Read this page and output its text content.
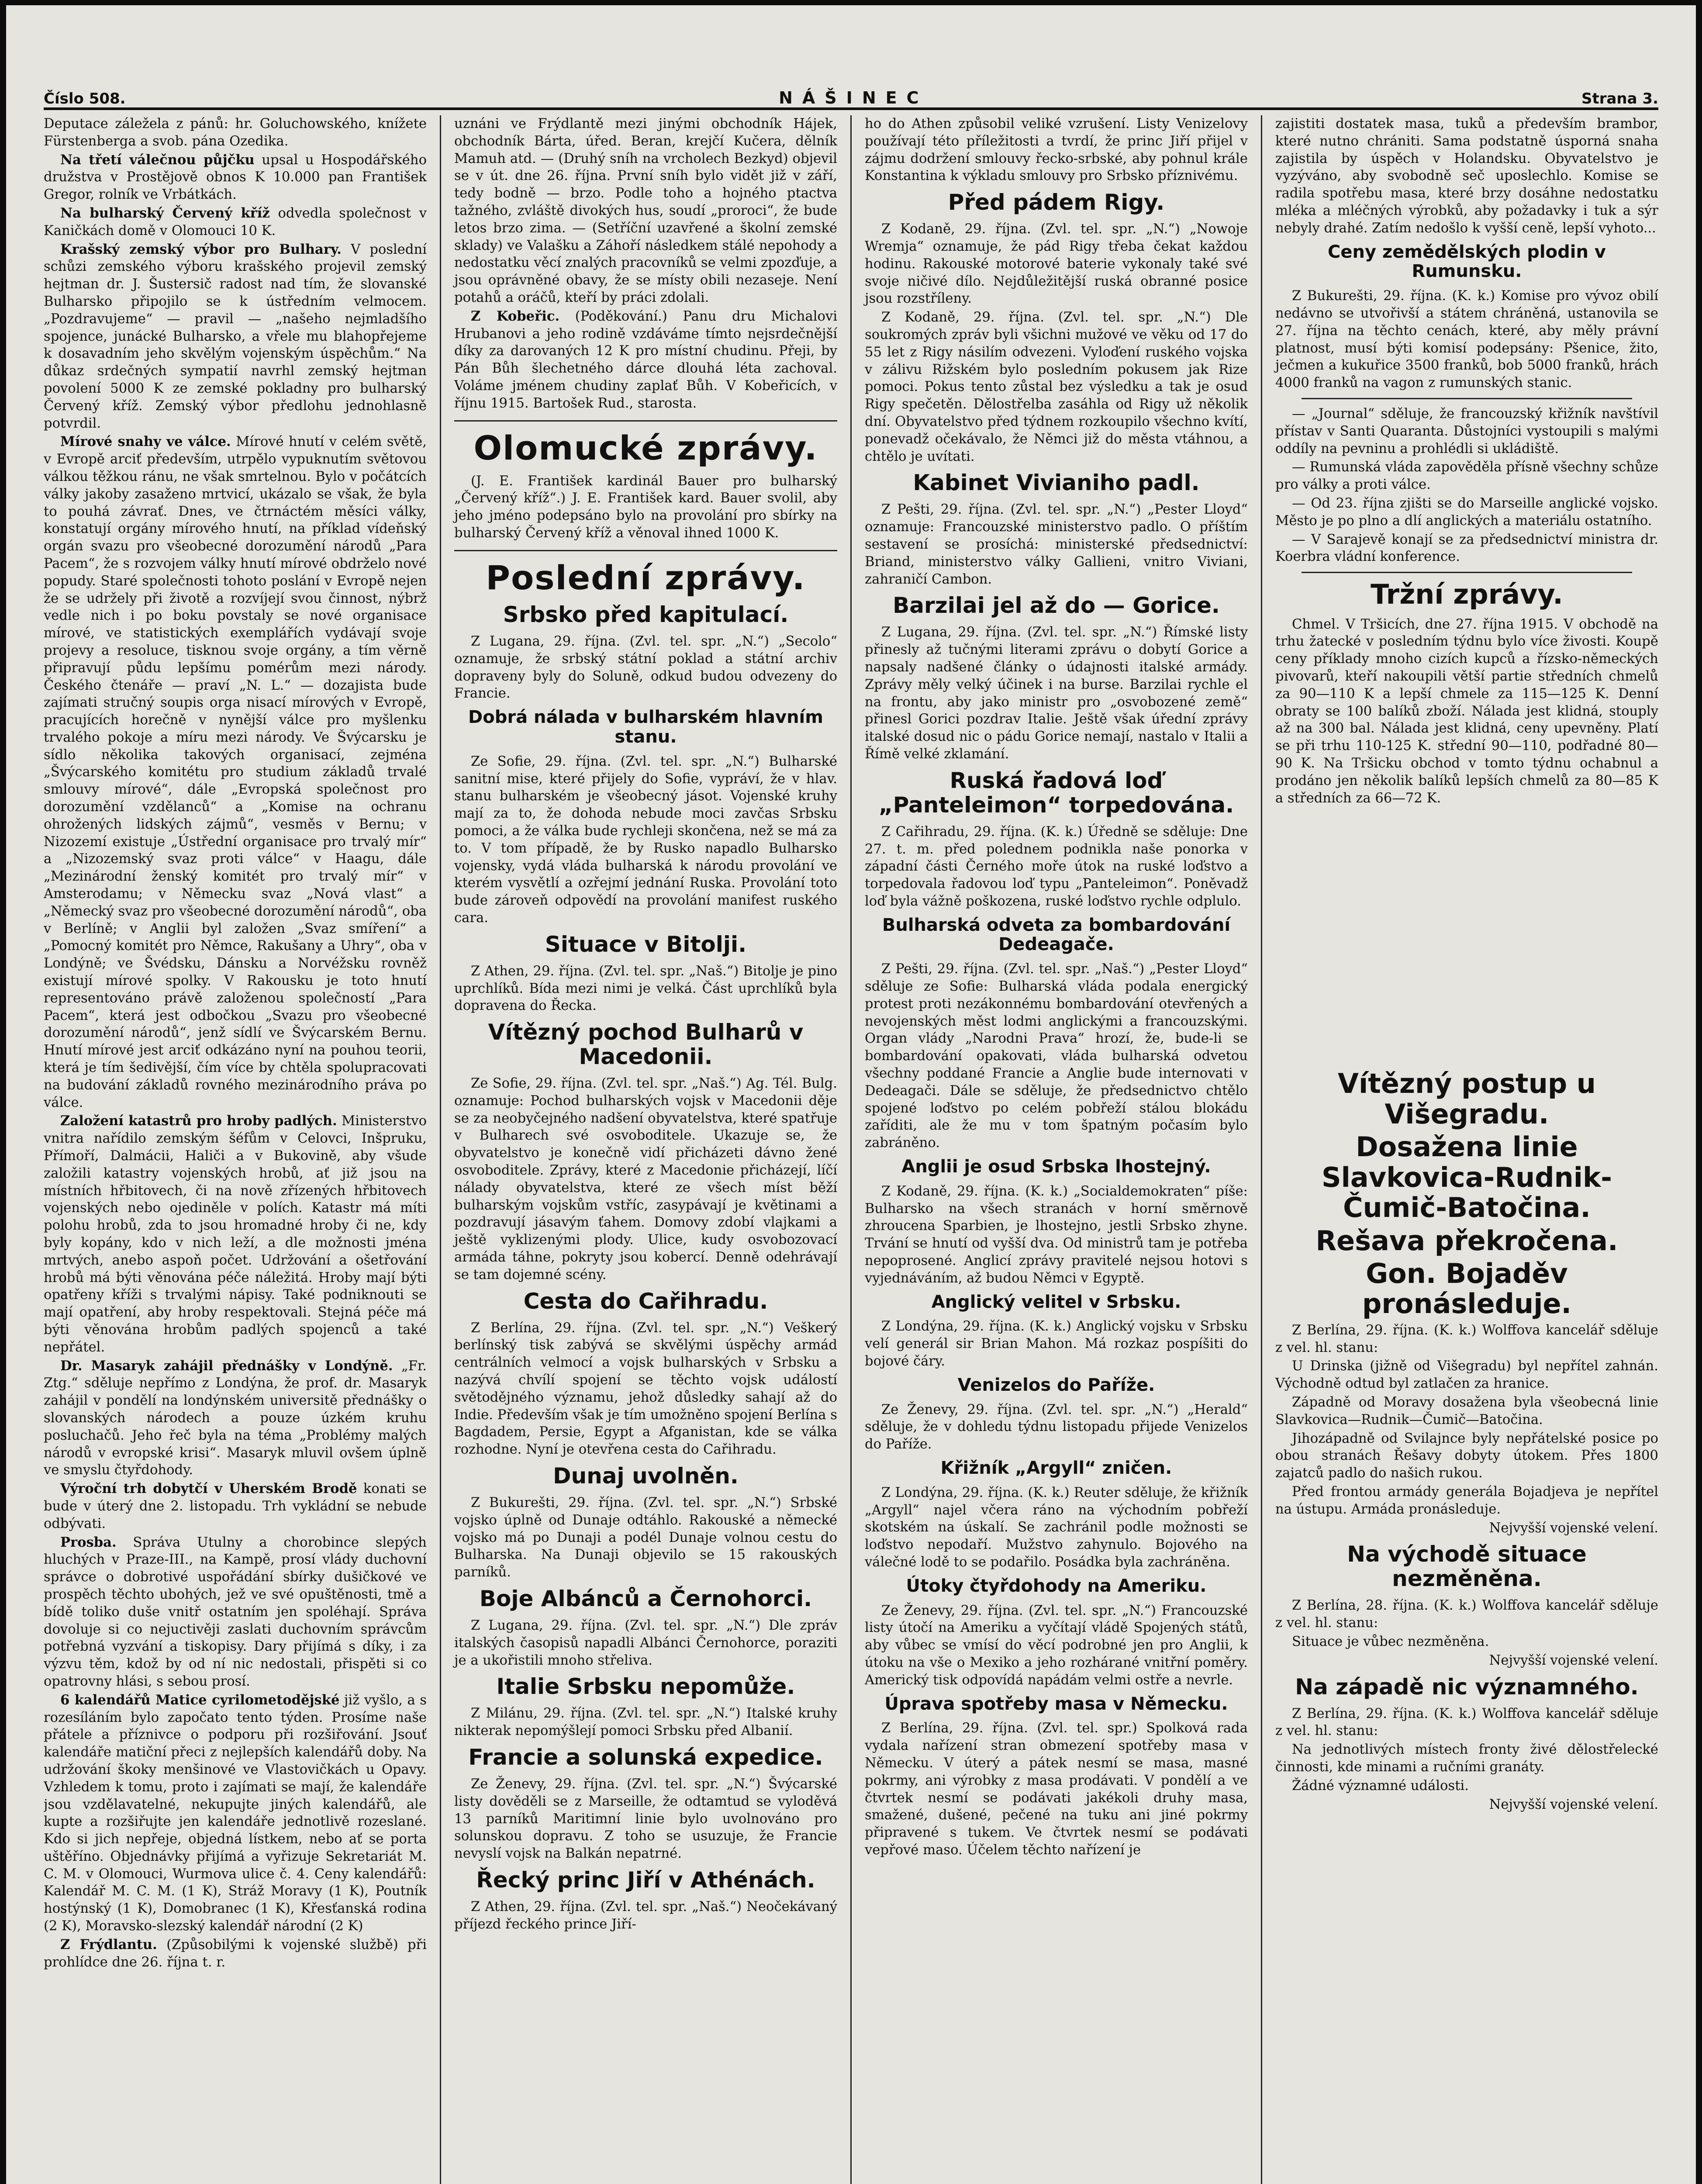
Číslo 508.	NÁŠINEC	Strana 3.

Deputace záležela z pánů: hr. Goluchowského, knížete Fürstenberga a svob. pána Ozedika.

Na třetí válečnou půjčku upsal u Hospodářského družstva v Prostějově obnos K 10.000 pan František Gregor, rolník ve Vrbátkách.

Na bulharský Červený kříž odvedla společnost v Kaničkách domě v Olomouci 10 K.

Krašský zemský výbor pro Bulhary. V poslední schůzi zemského výboru krašského projevil zemský hejtman dr. J. Šustersič radost nad tím, že slovanské Bulharsko připojilo se k ústředním velmocem. „Pozdravujeme“ — pravil — „našeho nejmladšího spojence, junácké Bulharsko, a vřele mu blahopřejeme k dosavadním jeho skvělým vojenským úspěchům.“ Na důkaz srdečných sympatií navrhl zemský hejtman povolení 5000 K ze zemské pokladny pro bulharský Červený kříž. Zemský výbor předlohu jednohlasně potvrdil.

Mírové snahy ve válce. Mírové hnutí v celém světě, v Evropě arciť především, utrpělo vypuknutím světovou válkou těžkou ránu, ne však smrtelnou. Bylo v počátcích války jakoby zasaženo mrtvicí, ukázalo se však, že byla to pouhá závrať. Dnes, ve čtrnáctém měsíci války, konstatují orgány mírového hnutí, na příklad vídeňský orgán svazu pro všeobecné dorozumění národů „Para Pacem“, že s rozvojem války hnutí mírové obdrželo nové popudy. Staré společnosti tohoto poslání v Evropě nejen že se udržely při životě a rozvíjejí svou činnost, nýbrž vedle nich i po boku povstaly se nové organisace mírové, ve statistických exemplářích vydávají svoje projevy a resoluce, tisknou svoje orgány, a tím věrně připravují půdu lepšímu pomérům mezi národy. Českého čtenáře — praví „N. L.“ — dozajista bude zajímati stručný soupis orga nisací mírových v Evropě, pracujících horečně v nynější válce pro myšlenku trvalého pokoje a míru mezi národy. Ve Švýcarsku je sídlo několika takových organisací, zejména „Švýcarského komitétu pro studium základů trvalé smlouvy mírové“, dále „Evropská společnost pro dorozumění vzdělanců“ a „Komise na ochranu ohrožených lidských zájmů“, vesměs v Bernu; v Nizozemí existuje „Ústřední organisace pro trvalý mír“ a „Nizozemský svaz proti válce“ v Haagu, dále „Mezinárodní ženský komitét pro trvalý mír“ v Amsterodamu; v Německu svaz „Nová vlast“ a „Německý svaz pro všeobecné dorozumění národů“, oba v Berlíně; v Anglii byl založen „Svaz smíření“ a „Pomocný komitét pro Němce, Rakušany a Uhry“, oba v Londýně; ve Švédsku, Dánsku a Norvéžsku rovněž existují mírové spolky. V Rakousku je toto hnutí representováno právě založenou společností „Para Pacem“, která jest odbočkou „Svazu pro všeobecné dorozumění národů“, jenž sídlí ve Švýcarském Bernu. Hnutí mírové jest arciť odkázáno nyní na pouhou teorii, která je tím šedivější, čím více by chtěla spolupracovati na budování základů rovného mezinárodního práva po válce.

Založení katastrů pro hroby padlých. Ministerstvo vnitra nařídilo zemským šéfům v Celovci, Inšpruku, Přímoří, Dalmácii, Haliči a v Bukovině, aby všude založili katastry vojenských hrobů, ať již jsou na místních hřbitovech, či na nově zřízených hřbitovech vojenských nebo ojediněle v polích. Katastr má míti polohu hrobů, zda to jsou hromadné hroby či ne, kdy byly kopány, kdo v nich leží, a dle možnosti jména mrtvých, anebo aspoň počet. Udržování a ošetřování hrobů má býti věnována péče náležitá. Hroby mají býti opatřeny kříži s trvalými nápisy. Také podniknouti se mají opatření, aby hroby respektovali. Stejná péče má býti věnována hrobům padlých spojenců a také nepřátel.

Dr. Masaryk zahájil přednášky v Londýně. „Fr. Ztg.“ sděluje nepřímo z Londýna, že prof. dr. Masaryk zahájil v pondělí na londýnském universitě přednášky o slovanských národech a pouze úzkém kruhu posluchačů. Jeho řeč byla na téma „Problémy malých národů v evropské krisi“. Masaryk mluvil ovšem úplně ve smyslu čtyřdohody.

Výroční trh dobytčí v Uherském Brodě konati se bude v úterý dne 2. listopadu. Trh vykládní se nebude odbývati.

Prosba. Správa Utulny a chorobince slepých hluchých v Praze-III., na Kampě, prosí vlády duchovní správce o dobrotivé uspořádání sbírky dušičkové ve prospěch těchto ubohých, jež ve své opuštěnosti, tmě a bídě toliko duše vnitř ostatním jen spoléhají. Správa dovoluje si co nejuctivěji zaslati duchovním správcům potřebná vyzvání a tiskopisy. Dary přijímá s díky, i za výzvu těm, kdož by od ní nic nedostali, přispěti si co opatrovny hlási, s sebou prosí.

6 kalendářů Matice cyrilometodějské již vyšlo, a s rozesíláním bylo započato tento týden. Prosíme naše přátele a příznivce o podporu při rozšiřování. Jsouť kalendáře matiční přeci z nejlepších kalendářů doby. Na udržování škoky menšinové ve Vlastovičkách u Opavy. Vzhledem k tomu, proto i zajímati se mají, že kalendáře jsou vzdělavatelné, nekupujte jiných kalendářů, ale kupte a rozšiřujte jen kalendáře jednotlivě rozeslané. Kdo si jich nepřeje, objedná lístkem, nebo ať se porta uštěříno. Objednávky přijímá a vyřizuje Sekretariát M. C. M. v Olomouci, Wurmova ulice č. 4. Ceny kalendářů: Kalendář M. C. M. (1 K), Stráž Moravy (1 K), Poutník hostýnský (1 K), Domobranec (1 K), Křesťanská rodina (2 K), Moravsko-slezský kalendář národní (2 K)

Z Frýdlantu. (Způsobilými k vojenské službě) při prohlídce dne 26. října t. r.

uznáni ve Frýdlantě mezi jinými obchodník Hájek, obchodník Bárta, úřed. Beran, krejčí Kučera, dělník Mamuh atd. — (Druhý sníh na vrcholech Bezkyd) objevil se v út. dne 26. října. První sníh bylo vidět již v září, tedy bodně — brzo. Podle toho a hojného ptactva tažného, zvláště divokých hus, soudí „proroci“, že bude letos brzo zima. — (Setříční uzavřené a školní zemské sklady) ve Valašku a Záhoří následkem stálé nepohody a nedostatku věcí znalých pracovníků se velmi zpozďuje, a jsou oprávněné obavy, že se místy obili nezaseje. Není potahů a oráčů, kteří by práci zdolali.

Z Kobeřic. (Poděkování.) Panu dru Michalovi Hrubanovi a jeho rodině vzdáváme tímto nejsrdečnější díky za darovaných 12 K pro místní chudinu. Přeji, by Pán Bůh šlechetného dárce dlouhá léta zachoval. Voláme jménem chudiny zaplať Bůh. V Kobeřicích, v říjnu 1915. Bartošek Rud., starosta.

Olomucké zprávy.

(J. E. František kardinál Bauer pro bulharský „Červený kříž“.) J. E. František kard. Bauer svolil, aby jeho jméno podepsáno bylo na provolání pro sbírky na bulharský Červený kříž a věnoval ihned 1000 K.

Poslední zprávy.
Srbsko před kapitulací.

Z Lugana, 29. října. (Zvl. tel. spr. „N.“) „Secolo“ oznamuje, že srbský státní poklad a státní archiv dopraveny byly do Soluně, odkud budou odvezeny do Francie.

Dobrá nálada v bulharském hlavním stanu.

Ze Sofie, 29. října. (Zvl. tel. spr. „N.“) Bulharské sanitní mise, které přijely do Sofie, vypráví, že v hlav. stanu bulharském je všeobecný jásot. Vojenské kruhy mají za to, že dohoda nebude moci zavčas Srbsku pomoci, a že válka bude rychleji skončena, než se má za to. V tom případě, že by Rusko napadlo Bulharsko vojensky, vydá vláda bulharská k národu provolání ve kterém vysvětlí a ozřejmí jednání Ruska. Provolání toto bude zároveň odpovědí na provolání manifest ruského cara.

Situace v Bitolji.

Z Athen, 29. října. (Zvl. tel. spr. „Naš.“) Bitolje je pino uprchlíků. Bída mezi nimi je velká. Část uprchlíků byla dopravena do Řecka.

Vítězný pochod Bulharů v Macedonii.

Ze Sofie, 29. října. (Zvl. tel. spr. „Naš.“) Ag. Tél. Bulg. oznamuje: Pochod bulharských vojsk v Macedonii děje se za neobyčejného nadšení obyvatelstva, které spatřuje v Bulharech své osvoboditele. Ukazuje se, že obyvatelstvo je konečně vidí přicházeti dávno žené osvoboditele. Zprávy, které z Macedonie přicházejí, líčí nálady obyvatelstva, které ze všech míst běží bulharským vojskům vstříc, zasypávají je květinami a pozdravují jásavým ťahem. Domovy zdobí vlajkami a ještě vyklizenými plody. Ulice, kudy osvobozovací armáda táhne, pokryty jsou kobercí. Denně odehrávají se tam dojemné scény.

Cesta do Cařihradu.

Z Berlína, 29. října. (Zvl. tel. spr. „N.“) Veškerý berlínský tisk zabývá se skvělými úspěchy armád centrálních velmocí a vojsk bulharských v Srbsku a nazývá chvílí spojení se těchto vojsk událostí světodějného významu, jehož důsledky sahají až do Indie. Především však je tím umožněno spojení Berlína s Bagdadem, Persie, Egypt a Afganistan, kde se válka rozhodne. Nyní je otevřena cesta do Cařihradu.

Dunaj uvolněn.

Z Bukurešti, 29. října. (Zvl. tel. spr. „N.“) Srbské vojsko úplně od Dunaje odtáhlo. Rakouské a německé vojsko má po Dunaji a podél Dunaje volnou cestu do Bulharska. Na Dunaji objevilo se 15 rakouských parníků.

Boje Albánců a Černohorci.

Z Lugana, 29. října. (Zvl. tel. spr. „N.“) Dle zpráv italských časopisů napadli Albánci Černohorce, poraziti je a ukořistili mnoho střeliva.

Italie Srbsku nepomůže.

Z Milánu, 29. října. (Zvl. tel. spr. „N.“) Italské kruhy nikterak nepomýšlejí pomoci Srbsku před Albanií.

Francie a solunská expedice.

Ze Ženevy, 29. října. (Zvl. tel. spr. „N.“) Švýcarské listy dověděli se z Marseille, že odtamtud se vyloděvá 13 parníků Maritimní linie bylo uvolnováno pro solunskou dopravu. Z toho se usuzuje, že Francie nevyslí vojsk na Balkán nepatrné.

Řecký princ Jiří v Athénách.

Z Athen, 29. října. (Zvl. tel. spr. „Naš.“) Neočekávaný příjezd řeckého prince Jiří-

ho do Athen způsobil veliké vzrušení. Listy Venizelovy používají této příležitosti a tvrdí, že princ Jiří přijel v zájmu dodržení smlouvy řecko-srbské, aby pohnul krále Konstantina k výkladu smlouvy pro Srbsko příznivému.

Před pádem Rigy.

Z Kodaně, 29. října. (Zvl. tel. spr. „N.“) „Nowoje Wremja“ oznamuje, že pád Rigy třeba čekat každou hodinu. Rakouské motorové baterie vykonaly také své svoje ničivé dílo. Nejdůležitější ruská obranné posice jsou rozstříleny.

Z Kodaně, 29. října. (Zvl. tel. spr. „N.“) Dle soukromých zpráv byli všichni mužové ve věku od 17 do 55 let z Rigy násilím odvezeni. Vyloďení ruského vojska v zálivu Rižském bylo posledním pokusem jak Rize pomoci. Pokus tento zůstal bez výsledku a tak je osud Rigy spečetěn. Dělostřelba zasáhla od Rigy už několik dní. Obyvatelstvo před týdnem rozkoupilo všechno kvítí, ponevadž očekávalo, že Němci již do města vtáhnou, a chtělo je uvítati.

Kabinet Vivianiho padl.

Z Pešti, 29. října. (Zvl. tel. spr. „N.“) „Pester Lloyd“ oznamuje: Francouzské ministerstvo padlo. O příštím sestavení se prosíchá: ministerské předsednictví: Briand, ministerstvo války Gallieni, vnitro Viviani, zahraničí Cambon.

Barzilai jel až do — Gorice.

Z Lugana, 29. října. (Zvl. tel. spr. „N.“) Římské listy přinesly až tučnými literami zprávu o dobytí Gorice a napsaly nadšené články o údajnosti italské armády. Zprávy měly velký účinek i na burse. Barzilai rychle el na frontu, aby jako ministr pro „osvobozené země“ přinesl Gorici pozdrav Italie. Ještě však úřední zprávy italské dosud nic o pádu Gorice nemají, nastalo v Italii a Římě velké zklamání.

Ruská řadová loď „Panteleimon“ torpedována.

Z Cařihradu, 29. října. (K. k.) Úředně se sděluje: Dne 27. t. m. před polednem podnikla naše ponorka v západní části Černého moře útok na ruské loďstvo a torpedovala řadovou loď typu „Panteleimon“. Poněvadž loď byla vážně poškozena, ruské loďstvo rychle odplulo.

Bulharská odveta za bombardování Dedeagače.

Z Pešti, 29. října. (Zvl. tel. spr. „Naš.“) „Pester Lloyd“ sděluje ze Sofie: Bulharská vláda podala energický protest proti nezákonnému bombardování otevřených a nevojenských měst lodmi anglickými a francouzskými. Organ vlády „Narodni Prava“ hrozí, že, bude-li se bombardování opakovati, vláda bulharská odvetou všechny poddané Francie a Anglie bude internovati v Dedeagači. Dále se sděluje, že předsednictvo chtělo spojené loďstvo po celém pobřeží stálou blokádu zaříditi, ale že mu v tom špatným počasím bylo zabráněno.

Anglii je osud Srbska lhostejný.

Z Kodaně, 29. října. (K. k.) „Socialdemokraten“ píše: Bulharsko na všech stranách v horní směrnově zhroucena Sparbien, je lhostejno, jestli Srbsko zhyne. Trvání se hnutí od vyšší dva. Od ministrů tam je potřeba nepoprosené. Anglicí zprávy pravitelé nejsou hotovi s vyjednáváním, až budou Němci v Egyptě.

Anglický velitel v Srbsku.

Z Londýna, 29. října. (K. k.) Anglický vojsku v Srbsku velí generál sir Brian Mahon. Má rozkaz pospíšiti do bojové čáry.

Venizelos do Paříže.

Ze Ženevy, 29. října. (Zvl. tel. spr. „N.“) „Herald“ sděluje, že v dohledu týdnu listopadu přijede Venizelos do Paříže.

Křižník „Argyll“ zničen.

Z Londýna, 29. října. (K. k.) Reuter sděluje, že křižník „Argyll“ najel včera ráno na východním pobřeží skotském na úskalí. Se zachránil podle možnosti se loďstvo nepodaří. Mužstvo zahynulo. Bojového na válečné lodě to se podařilo. Posádka byla zachráněna.

Útoky čtyřdohody na Ameriku.

Ze Ženevy, 29. října. (Zvl. tel. spr. „N.“) Francouzské listy útočí na Ameriku a vyčítají vládě Spojených států, aby vůbec se vmísí do věcí podrobné jen pro Anglii, k útoku na vše o Mexiko a jeho rozhárané vnitřní poměry. Americký tisk odpovídá napádám velmi ostře a nevrle.

Úprava spotřeby masa v Německu.

Z Berlína, 29. října. (Zvl. tel. spr.) Spolková rada vydala nařízení stran obmezení spotřeby masa v Německu. V úterý a pátek nesmí se masa, masné pokrmy, ani výrobky z masa prodávati. V pondělí a ve čtvrtek nesmí se podávati jakékoli druhy masa, smažené, dušené, pečené na tuku ani jiné pokrmy připravené s tukem. Ve čtvrtek nesmí se podávati vepřové maso. Účelem těchto nařízení je

zajistiti dostatek masa, tuků a především brambor, které nutno chrániti. Sama podstatně úsporná snaha zajistila by úspěch v Holandsku. Obyvatelstvo je vyzýváno, aby svobodně seč uposlechlo. Komise se radila spotřebu masa, které brzy dosáhne nedostatku mléka a mléčných výrobků, aby požadavky i tuk a sýr nebyly drahé. Zatím nedošlo k vyšší ceně, lepší vyhoto...

Ceny zemědělských plodin v Rumunsku.

Z Bukurešti, 29. října. (K. k.) Komise pro vývoz obilí nedávno se utvořivší a státem chráněná, ustanovila se 27. října na těchto cenách, které, aby měly právní platnost, musí býti komisí podepsány: Pšenice, žito, ječmen a kukuřice 3500 franků, bob 5000 franků, hrách 4000 franků na vagon z rumunských stanic.

— „Journal“ sděluje, že francouzský křižník navštívil přístav v Santi Quaranta. Důstojníci vystoupili s malými oddíly na pevninu a prohlédli si ukládiště.

— Rumunská vláda zapověděla přísně všechny schůze pro války a proti válce.

— Od 23. října zjišti se do Marseille anglické vojsko. Město je po plno a dlí anglických a materiálu ostatního.

— V Sarajevě konají se za předsednictví ministra dr. Koerbra vládní konference.

Tržní zprávy.

Chmel. V Tršicích, dne 27. října 1915. V obchodě na trhu žatecké v posledním týdnu bylo více živosti. Koupě ceny příklady mnoho cizích kupců a řízsko-německých pivovarů, kteří nakoupili větší partie středních chmelů za 90—110 K a lepší chmele za 115—125 K. Denní obraty se 100 balíků zboží. Nálada jest klidná, stouply až na 300 bal. Nálada jest klidná, ceny upevněny. Platí se při trhu 110-125 K. střední 90—110, podřadné 80—90 K. Na Tršicku obchod v tomto týdnu ochabnul a prodáno jen několik balíků lepších chmelů za 80—85 K a středních za 66—72 K.

Vítězný postup u Višegradu.
Dosažena linie Slavkovica-Rudnik-Čumič-Batočina.
Rešava překročena.
Gon. Bojaděv pronásleduje.

Z Berlína, 29. října. (K. k.) Wolffova kancelář sděluje z vel. hl. stanu:

U Drinska (jižně od Višegradu) byl nepřítel zahnán. Východně odtud byl zatlačen za hranice.

Západně od Moravy dosažena byla všeobecná linie Slavkovica—Rudnik—Čumič—Batočina.

Jihozápadně od Svilajnce byly nepřátelské posice po obou stranách Řešavy dobyty útokem. Přes 1800 zajatců padlo do našich rukou.

Před frontou armády generála Bojadjeva je nepřítel na ústupu. Armáda pronásleduje.

Nejvyšší vojenské velení.

Na východě situace nezměněna.

Z Berlína, 28. října. (K. k.) Wolffova kancelář sděluje z vel. hl. stanu:

Situace je vůbec nezměněna.

Nejvyšší vojenské velení.

Na západě nic významného.

Z Berlína, 29. října. (K. k.) Wolffova kancelář sděluje z vel. hl. stanu:

Na jednotlivých místech fronty živé dělostřelecké činnosti, kde minami a ručními granáty.

Žádné významné události.

Nejvyšší vojenské velení.
